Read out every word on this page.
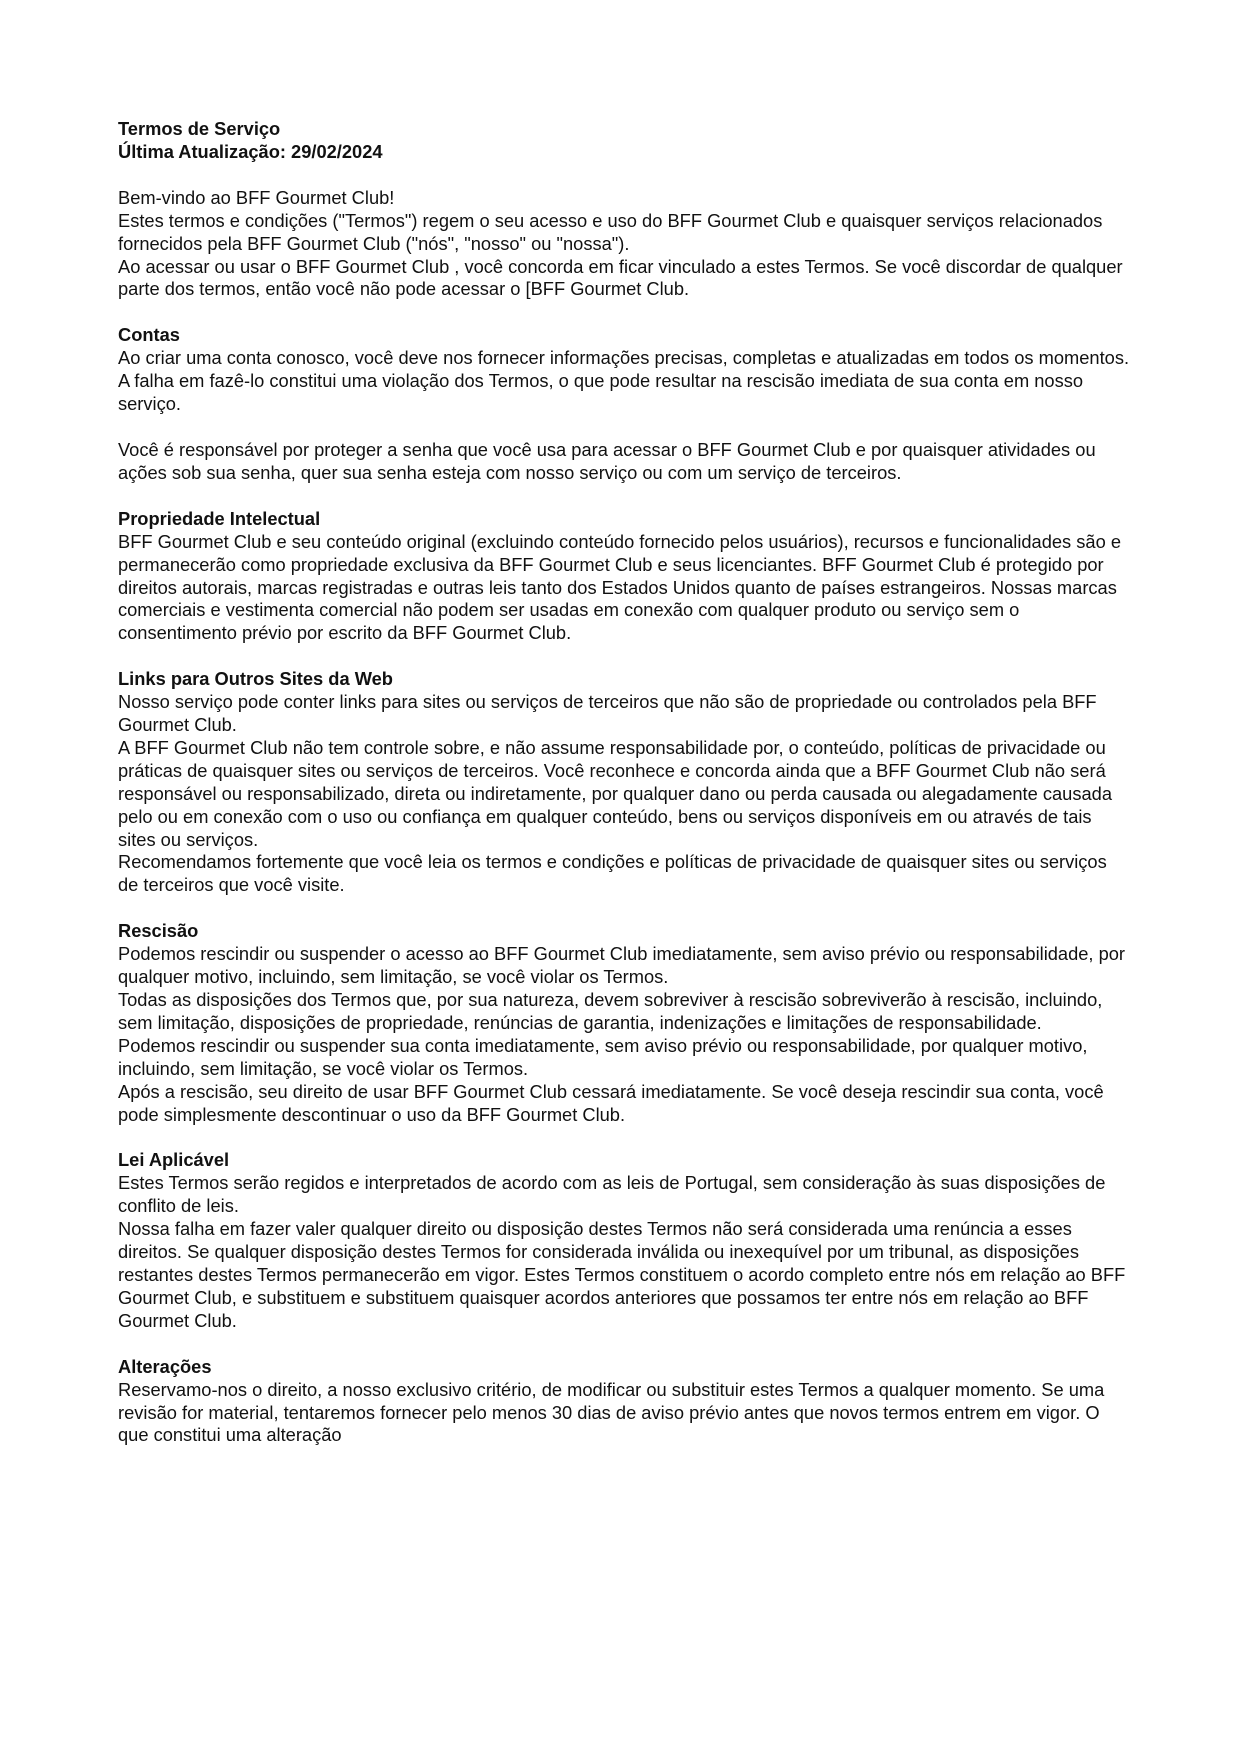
Termos de Serviço
Última Atualização: 29/02/2024

Bem-vindo ao BFF Gourmet Club!

Estes termos e condições ("Termos") regem o seu acesso e uso do BFF Gourmet Club e quaisquer serviços relacionados fornecidos pela BFF Gourmet Club ("nós", "nosso" ou "nossa").

Ao acessar ou usar o BFF Gourmet Club , você concorda em ficar vinculado a estes Termos. Se você discordar de qualquer parte dos termos, então você não pode acessar o [BFF Gourmet Club.

Contas

Ao criar uma conta conosco, você deve nos fornecer informações precisas, completas e atualizadas em todos os momentos. A falha em fazê-lo constitui uma violação dos Termos, o que pode resultar na rescisão imediata de sua conta em nosso serviço.

Você é responsável por proteger a senha que você usa para acessar o BFF Gourmet Club e por quaisquer atividades ou ações sob sua senha, quer sua senha esteja com nosso serviço ou com um serviço de terceiros.

Propriedade Intelectual

BFF Gourmet Club e seu conteúdo original (excluindo conteúdo fornecido pelos usuários), recursos e funcionalidades são e permanecerão como propriedade exclusiva da BFF Gourmet Club e seus licenciantes. BFF Gourmet Club é protegido por direitos autorais, marcas registradas e outras leis tanto dos Estados Unidos quanto de países estrangeiros. Nossas marcas comerciais e vestimenta comercial não podem ser usadas em conexão com qualquer produto ou serviço sem o consentimento prévio por escrito da BFF Gourmet Club.

Links para Outros Sites da Web

Nosso serviço pode conter links para sites ou serviços de terceiros que não são de propriedade ou controlados pela BFF Gourmet Club.

A BFF Gourmet Club não tem controle sobre, e não assume responsabilidade por, o conteúdo, políticas de privacidade ou práticas de quaisquer sites ou serviços de terceiros. Você reconhece e concorda ainda que a BFF Gourmet Club não será responsável ou responsabilizado, direta ou indiretamente, por qualquer dano ou perda causada ou alegadamente causada pelo ou em conexão com o uso ou confiança em qualquer conteúdo, bens ou serviços disponíveis em ou através de tais sites ou serviços.

Recomendamos fortemente que você leia os termos e condições e políticas de privacidade de quaisquer sites ou serviços de terceiros que você visite.

Rescisão

Podemos rescindir ou suspender o acesso ao BFF Gourmet Club imediatamente, sem aviso prévio ou responsabilidade, por qualquer motivo, incluindo, sem limitação, se você violar os Termos.

Todas as disposições dos Termos que, por sua natureza, devem sobreviver à rescisão sobreviverão à rescisão, incluindo, sem limitação, disposições de propriedade, renúncias de garantia, indenizações e limitações de responsabilidade.

Podemos rescindir ou suspender sua conta imediatamente, sem aviso prévio ou responsabilidade, por qualquer motivo, incluindo, sem limitação, se você violar os Termos.

Após a rescisão, seu direito de usar BFF Gourmet Club cessará imediatamente. Se você deseja rescindir sua conta, você pode simplesmente descontinuar o uso da BFF Gourmet Club.

Lei Aplicável

Estes Termos serão regidos e interpretados de acordo com as leis de Portugal, sem consideração às suas disposições de conflito de leis.

Nossa falha em fazer valer qualquer direito ou disposição destes Termos não será considerada uma renúncia a esses direitos. Se qualquer disposição destes Termos for considerada inválida ou inexequível por um tribunal, as disposições restantes destes Termos permanecerão em vigor. Estes Termos constituem o acordo completo entre nós em relação ao BFF Gourmet Club, e substituem e substituem quaisquer acordos anteriores que possamos ter entre nós em relação ao BFF Gourmet Club.

Alterações

Reservamo-nos o direito, a nosso exclusivo critério, de modificar ou substituir estes Termos a qualquer momento. Se uma revisão for material, tentaremos fornecer pelo menos 30 dias de aviso prévio antes que novos termos entrem em vigor. O que constitui uma alteração
